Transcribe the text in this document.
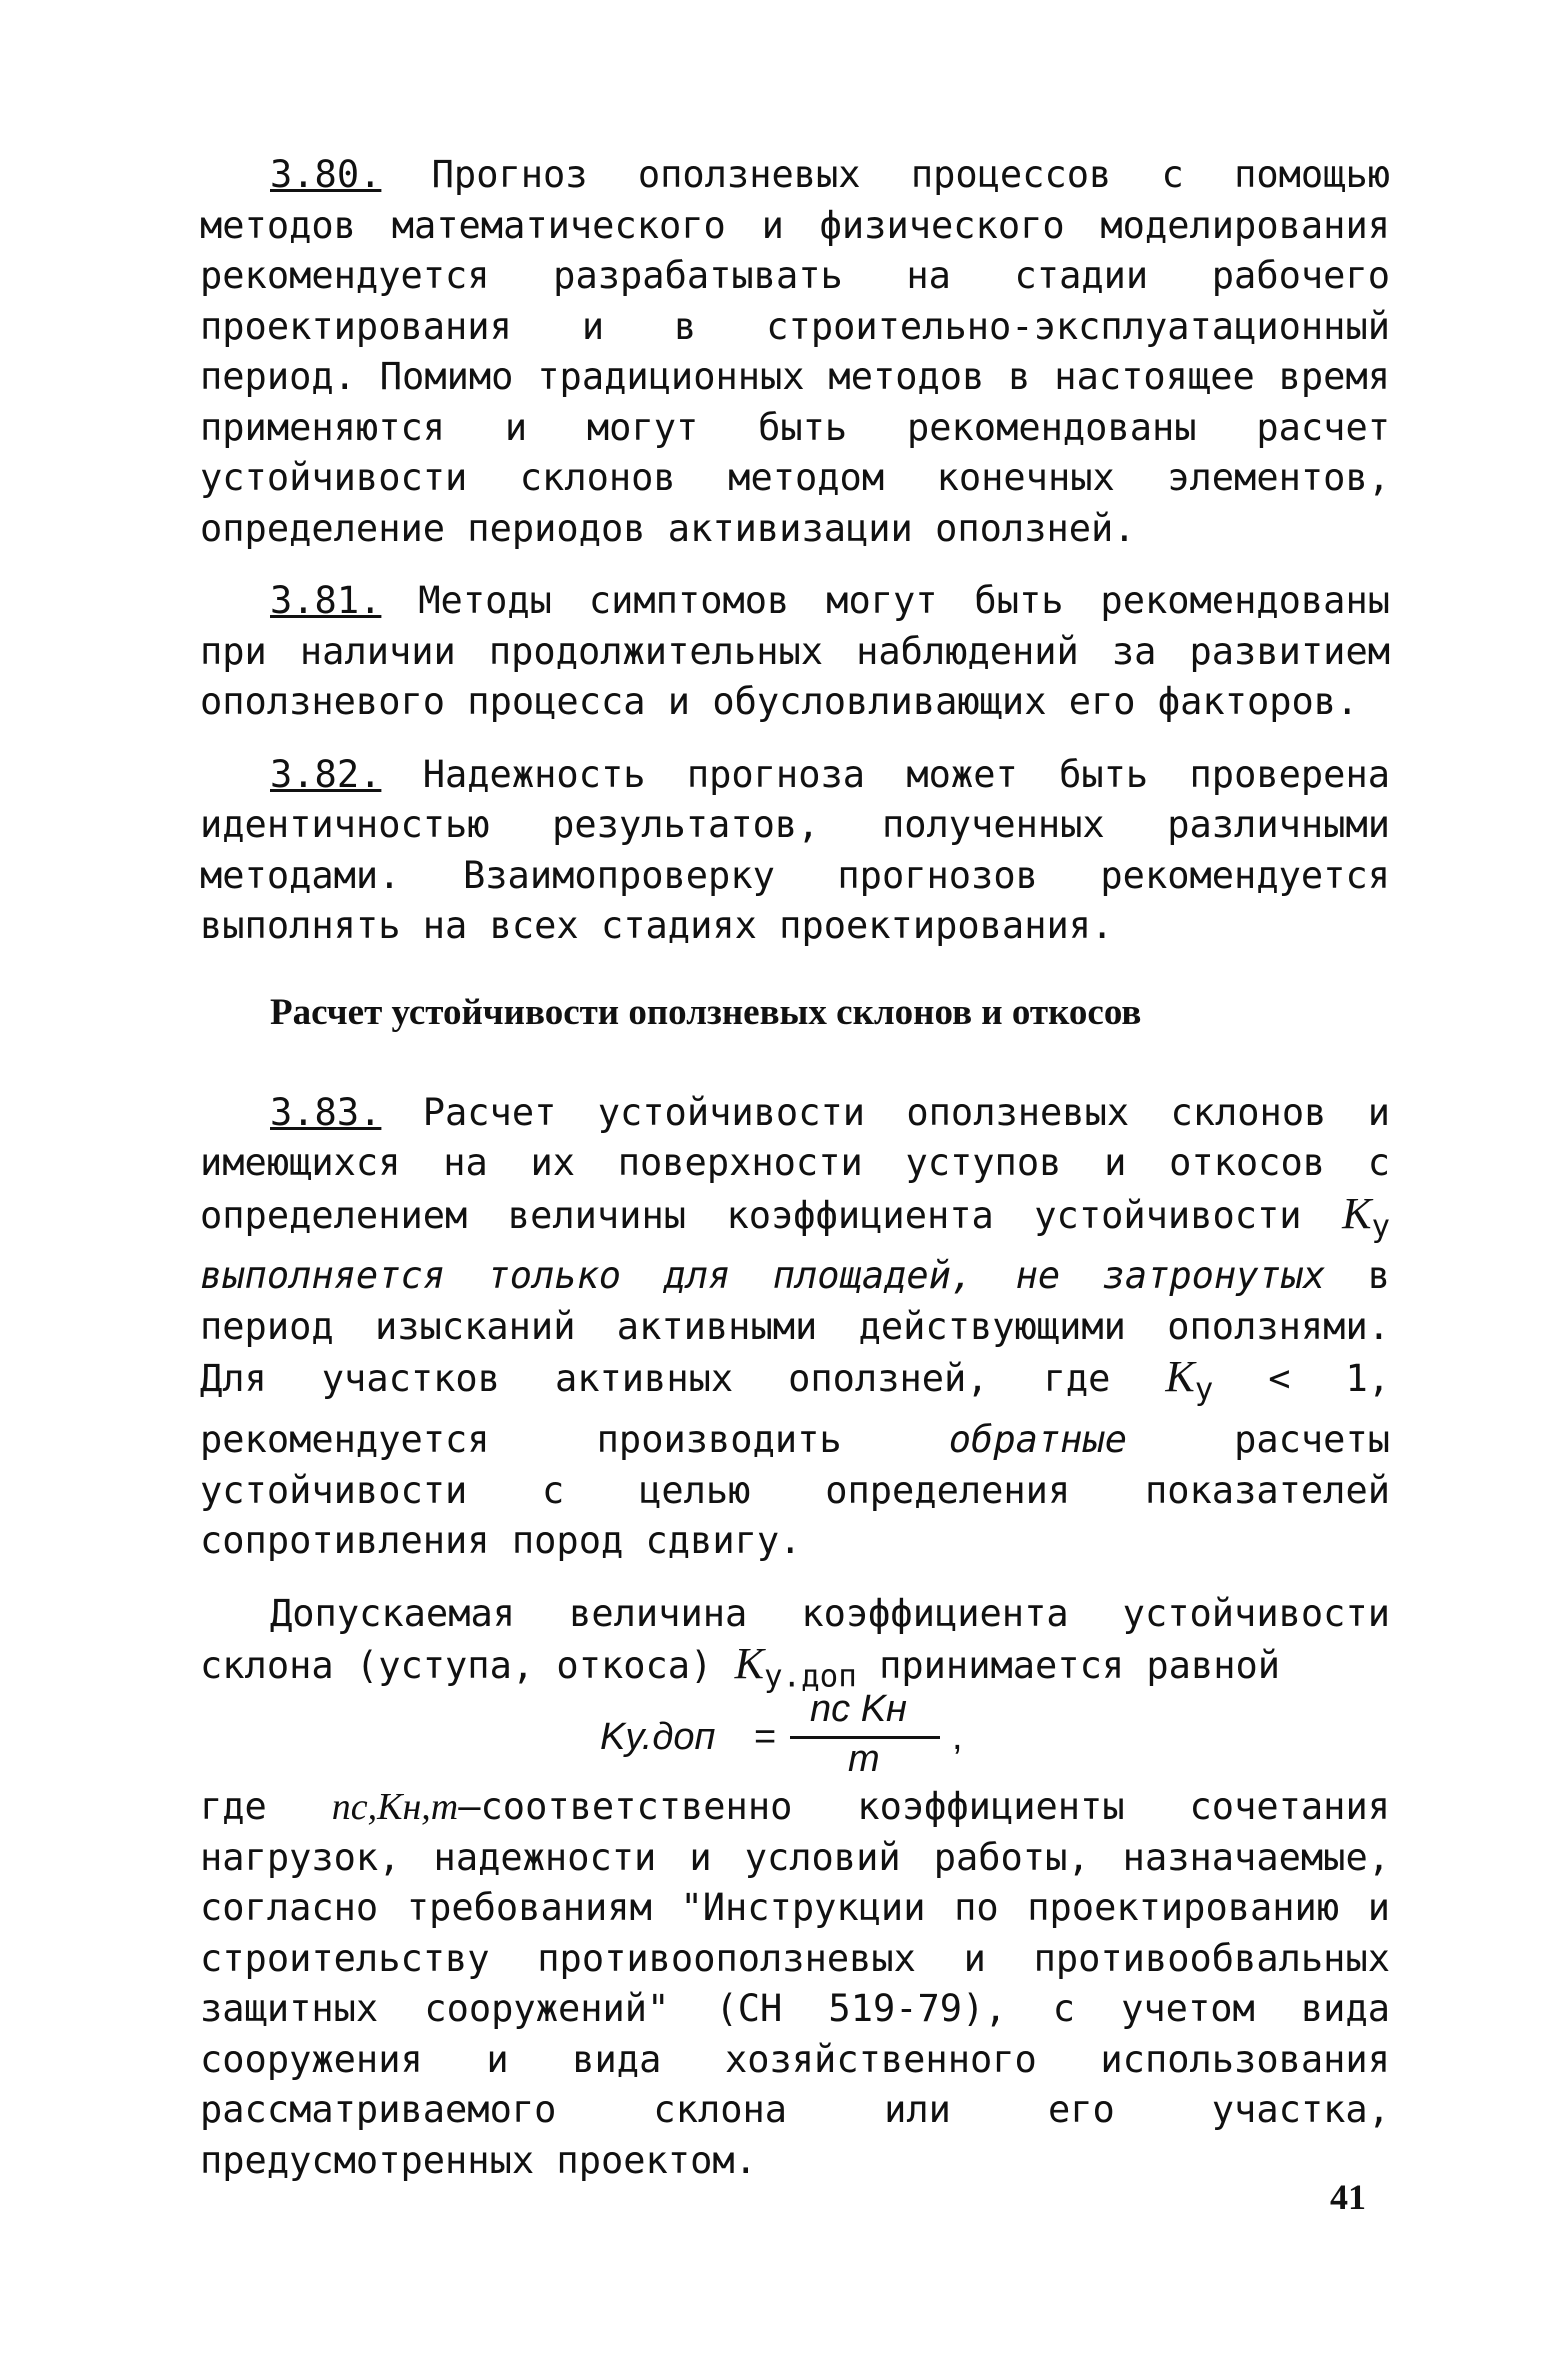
3.80. Прогноз оползневых процессов с помощью методов математического и физического моделирования рекомендуется разрабатывать на стадии рабочего проектирования и в строительно-эксплуатационный период. Помимо традиционных методов в настоящее время применяются и могут быть рекомендованы расчет устойчивости склонов методом конечных элементов, определение периодов активизации оползней.

3.81. Методы симптомов могут быть рекомендованы при наличии продолжительных наблюдений за развитием оползневого процесса и обусловливающих его факторов.

3.82. Надежность прогноза может быть проверена идентичностью результатов, полученных различными методами. Взаимопроверку прогнозов рекомендуется выполнять на всех стадиях проектирования.

Расчет устойчивости оползневых склонов и откосов

3.83. Расчет устойчивости оползневых склонов и имеющихся на их поверхности уступов и откосов с определением величины коэффициента устойчивости $K_у$ выполняется только для площадей, не затронутых в период изысканий активными действующими оползнями. Для участков активных оползней, где $K_у < 1$, рекомендуется производить	обратные	расчеты устойчивости с целью определения показателей сопротивления пород сдвигу.

Допускаемая величина коэффициента устойчивости склона (уступа, откоса) $K_{у.доп}$ принимается равной

Kу.доп =
nс Kн
m
,

где nс,Kн,m—соответственно коэффициенты сочетания нагрузок, надежности и условий работы, назначаемые, согласно требованиям "Инструкции по проектированию и строительству противооползневых и противообвальных защитных сооружений" (СН 519-79), с учетом вида сооружения и вида хозяйственного использования рассматриваемого склона или его участка, предусмотренных проектом.

41
